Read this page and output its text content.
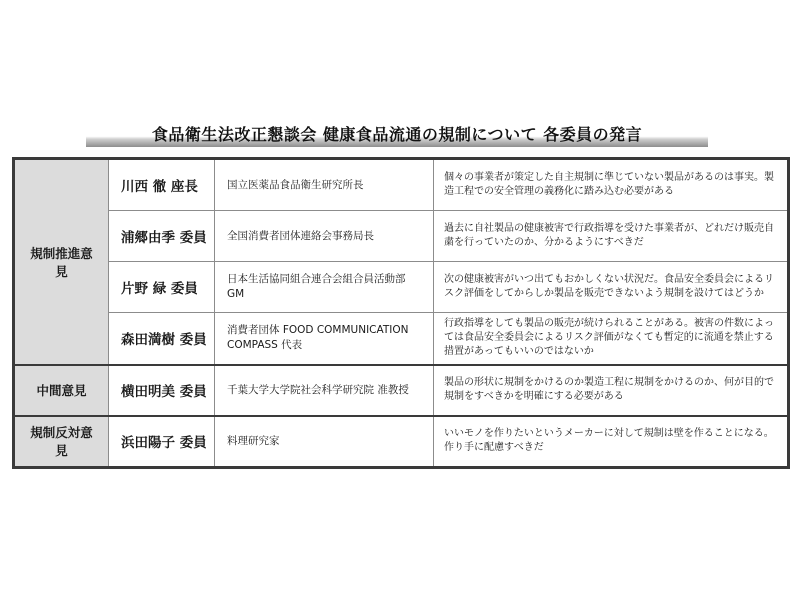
食品衛生法改正懇談会 健康食品流通の規制について 各委員の発言
規制推進意見	川西 徹 座長	国立医薬品食品衛生研究所長	個々の事業者が策定した自主規制に準じていない製品があるのは事実。製造工程での安全管理の義務化に踏み込む必要がある
	浦郷由季 委員	全国消費者団体連絡会事務局長	過去に自社製品の健康被害で行政指導を受けた事業者が、どれだけ販売自粛を行っていたのか、分かるようにすべきだ
	片野 緑 委員	日本生活協同組合連合会組合員活動部GM	次の健康被害がいつ出てもおかしくない状況だ。食品安全委員会によるリスク評価をしてからしか製品を販売できないよう規制を設けてはどうか
	森田満樹 委員	消費者団体 FOOD COMMUNICATION COMPASS 代表	行政指導をしても製品の販売が続けられることがある。被害の件数によっては食品安全委員会によるリスク評価がなくても暫定的に流通を禁止する措置があってもいいのではないか
中間意見	横田明美 委員	千葉大学大学院社会科学研究院 准教授	製品の形状に規制をかけるのか製造工程に規制をかけるのか、何が目的で規制をすべきかを明確にする必要がある
規制反対意見	浜田陽子 委員	料理研究家	いいモノを作りたいというメーカーに対して規制は壁を作ることになる。作り手に配慮すべきだ
